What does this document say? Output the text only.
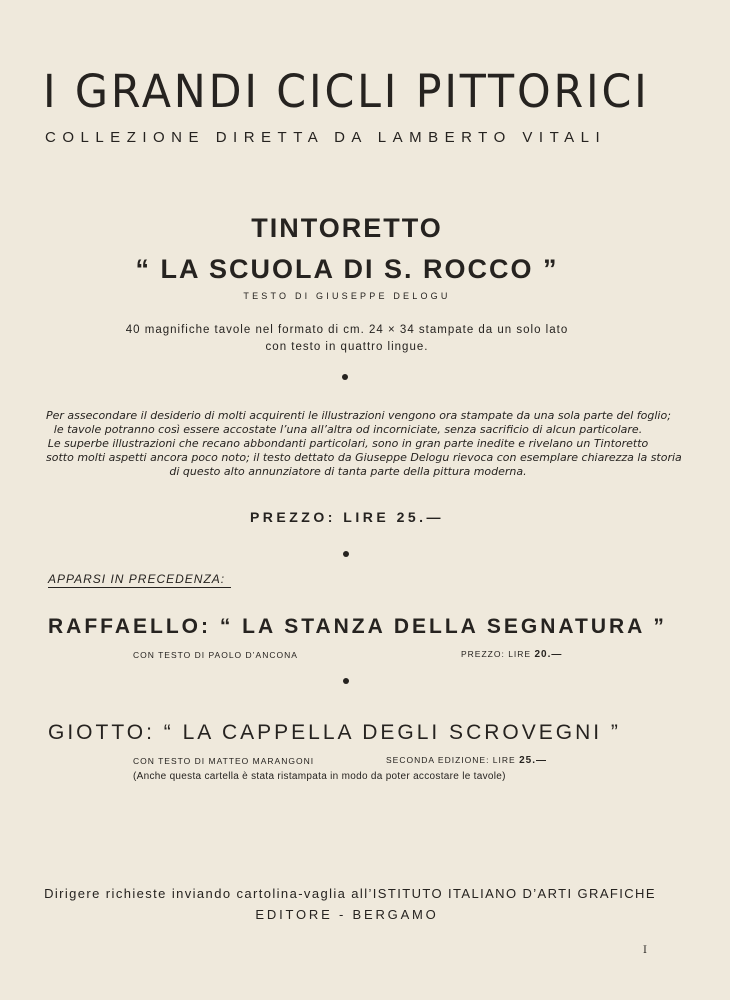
I GRANDI CICLI PITTORICI
COLLEZIONE DIRETTA DA LAMBERTO VITALI
TINTORETTO
“ LA SCUOLA DI S. ROCCO ”
TESTO DI GIUSEPPE DELOGU
40 magnifiche tavole nel formato di cm. 24 × 34 stampate da un solo lato
con testo in quattro lingue.
Per assecondare il desiderio di molti acquirenti le illustrazioni vengono ora stampate da una sola parte del foglio;
le tavole potranno così essere accostate l’una all’altra od incorniciate, senza sacrificio di alcun particolare.
Le superbe illustrazioni che recano abbondanti particolari, sono in gran parte inedite e rivelano un Tintoretto
sotto molti aspetti ancora poco noto; il testo dettato da Giuseppe Delogu rievoca con esemplare chiarezza la storia
di questo alto annunziatore di tanta parte della pittura moderna.
PREZZO: LIRE 25.—
APPARSI IN PRECEDENZA:
RAFFAELLO: “ LA STANZA DELLA SEGNATURA ”
CON TESTO DI PAOLO D’ANCONA	PREZZO: LIRE 20.—
GIOTTO: “ LA CAPPELLA DEGLI SCROVEGNI ”
CON TESTO DI MATTEO MARANGONI	SECONDA EDIZIONE: LIRE 25.—
(Anche questa cartella è stata ristampata in modo da poter accostare le tavole)
Dirigere richieste inviando cartolina-vaglia all’ISTITUTO ITALIANO D’ARTI GRAFICHE
EDITORE - BERGAMO
I
